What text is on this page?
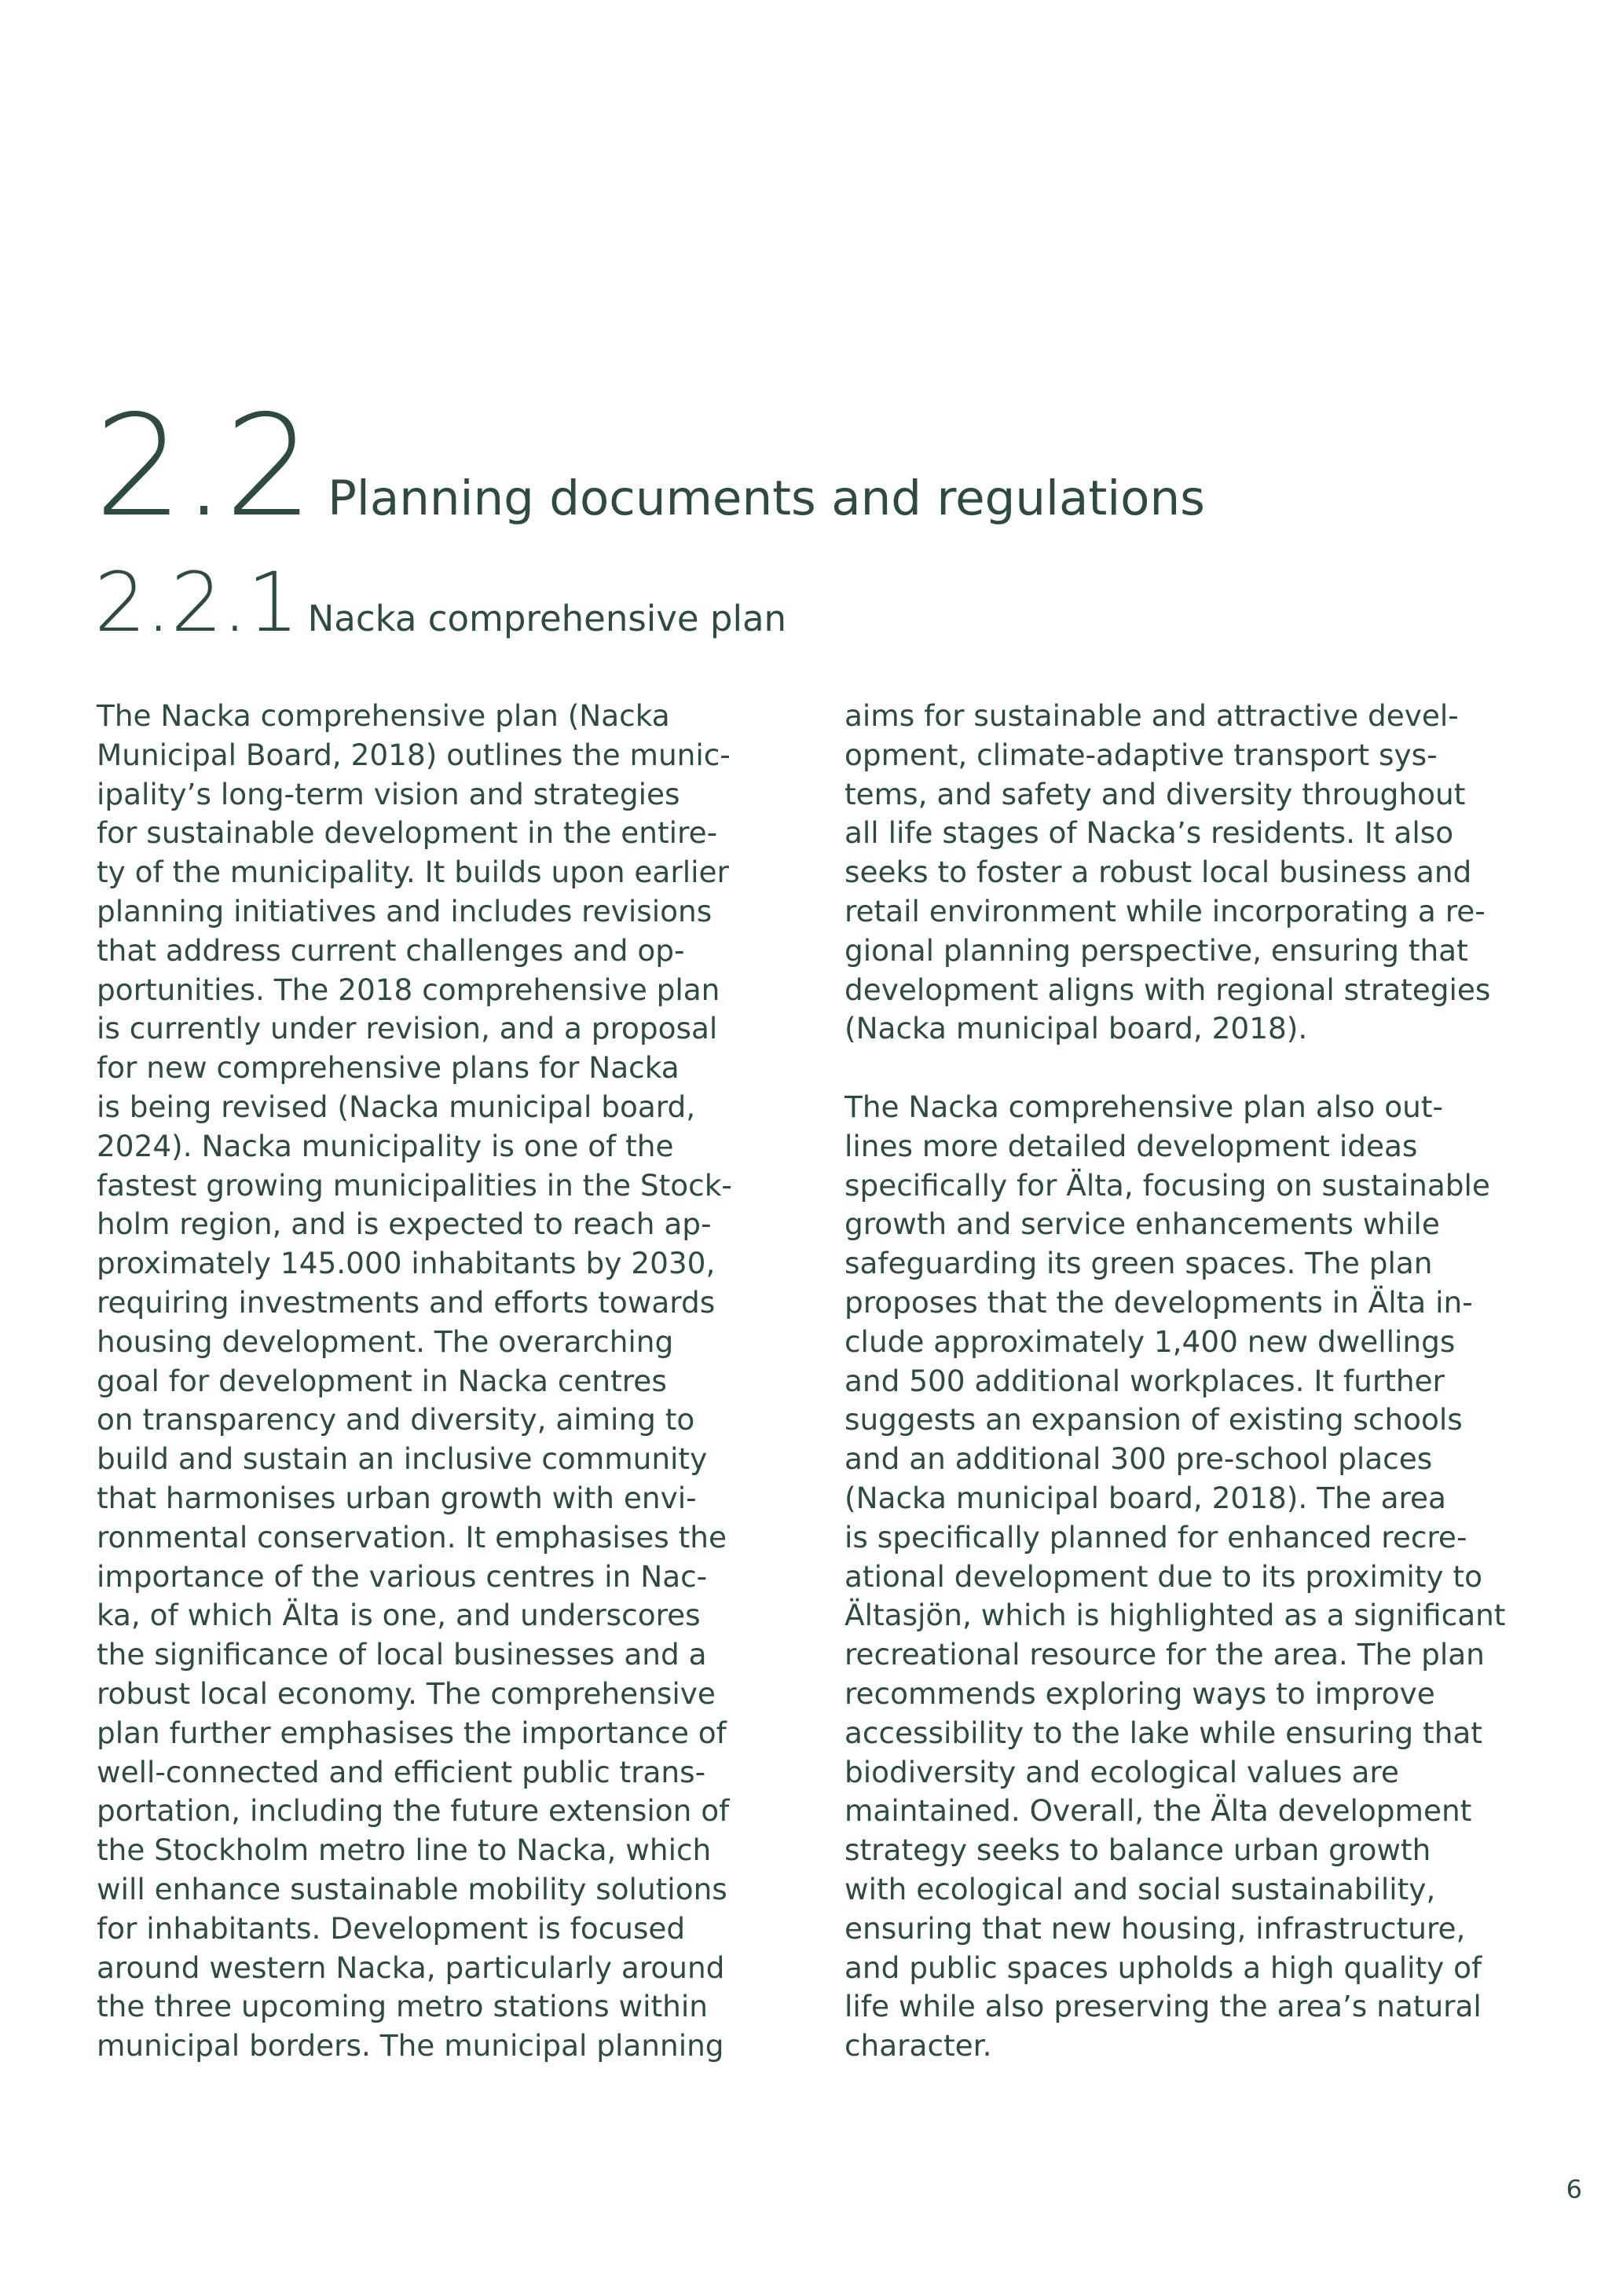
2.2 Planning documents and regulations
2.2.1 Nacka comprehensive plan

The Nacka comprehensive plan (Nacka
Municipal Board, 2018) outlines the munic-
ipality’s long-term vision and strategies
for sustainable development in the entire-
ty of the municipality. It builds upon earlier
planning initiatives and includes revisions
that address current challenges and op-
portunities. The 2018 comprehensive plan
is currently under revision, and a proposal
for new comprehensive plans for Nacka
is being revised (Nacka municipal board,
2024). Nacka municipality is one of the
fastest growing municipalities in the Stock-
holm region, and is expected to reach ap-
proximately 145.000 inhabitants by 2030,
requiring investments and efforts towards
housing development. The overarching
goal for development in Nacka centres
on transparency and diversity, aiming to
build and sustain an inclusive community
that harmonises urban growth with envi-
ronmental conservation. It emphasises the
importance of the various centres in Nac-
ka, of which Älta is one, and underscores
the significance of local businesses and a
robust local economy. The comprehensive
plan further emphasises the importance of
well-connected and efficient public trans-
portation, including the future extension of
the Stockholm metro line to Nacka, which
will enhance sustainable mobility solutions
for inhabitants. Development is focused
around western Nacka, particularly around
the three upcoming metro stations within
municipal borders. The municipal planning

aims for sustainable and attractive devel-
opment, climate-adaptive transport sys-
tems, and safety and diversity throughout
all life stages of Nacka’s residents. It also
seeks to foster a robust local business and
retail environment while incorporating a re-
gional planning perspective, ensuring that
development aligns with regional strategies
(Nacka municipal board, 2018).

The Nacka comprehensive plan also out-
lines more detailed development ideas
specifically for Älta, focusing on sustainable
growth and service enhancements while
safeguarding its green spaces. The plan
proposes that the developments in Älta in-
clude approximately 1,400 new dwellings
and 500 additional workplaces. It further
suggests an expansion of existing schools
and an additional 300 pre-school places
(Nacka municipal board, 2018). The area
is specifically planned for enhanced recre-
ational development due to its proximity to
Ältasjön, which is highlighted as a significant
recreational resource for the area. The plan
recommends exploring ways to improve
accessibility to the lake while ensuring that
biodiversity and ecological values are
maintained. Overall, the Älta development
strategy seeks to balance urban growth
with ecological and social sustainability,
ensuring that new housing, infrastructure,
and public spaces upholds a high quality of
life while also preserving the area’s natural
character.

6
